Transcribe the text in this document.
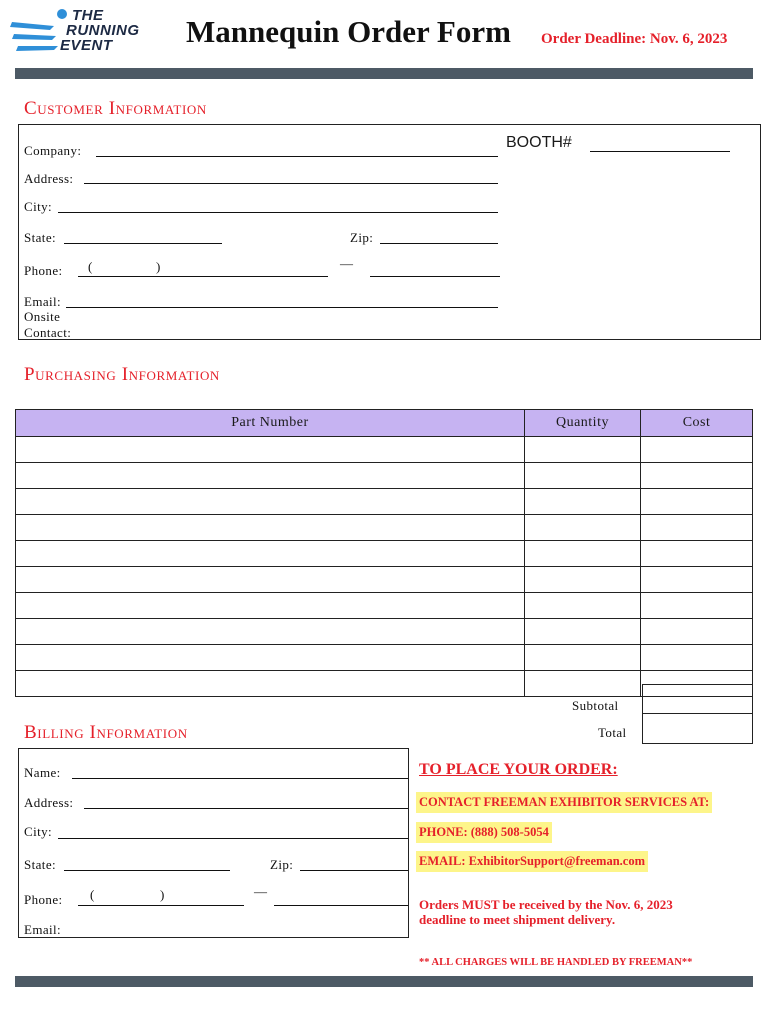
THE
RUNNING
EVENT Mannequin Order Form Order Deadline: Nov. 6, 2023
Customer Information
Company:	BOOTH#
Address:
City:
State:	Zip:
Phone: (	)	—
Email:
Onsite
Contact:
Purchasing Information
Part Number	Quantity	Cost

Subtotal
Total
Billing Information
Name:
Address:
City:
State:	Zip:
Phone: (	)	—
Email:
TO PLACE YOUR ORDER:
CONTACT FREEMAN EXHIBITOR SERVICES AT:
PHONE: (888) 508-5054
EMAIL: ExhibitorSupport@freeman.com
Orders MUST be received by the Nov. 6, 2023 deadline to meet shipment delivery.
** ALL CHARGES WILL BE HANDLED BY FREEMAN**
